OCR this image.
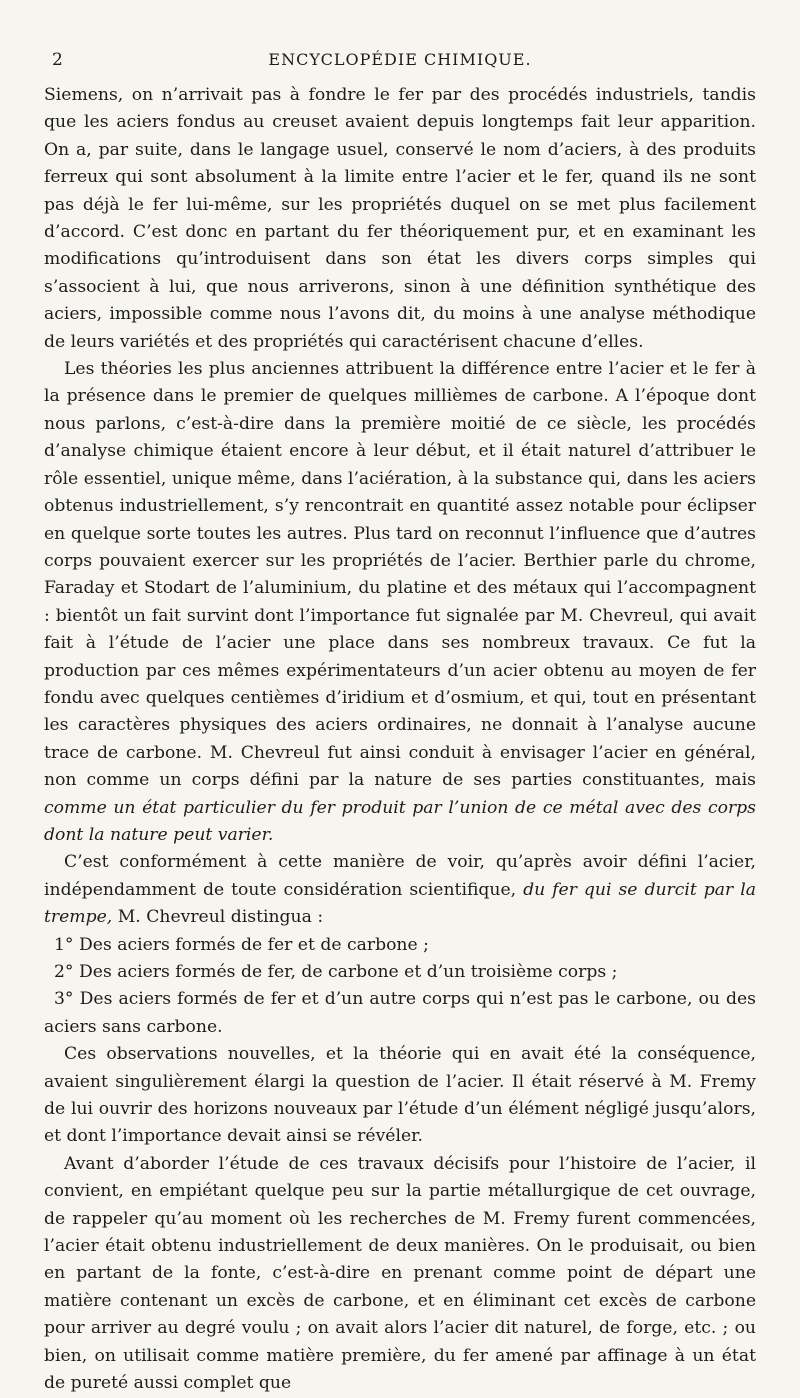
2	ENCYCLOPÉDIE CHIMIQUE.

Siemens, on n’arrivait pas à fondre le fer par des procédés industriels, tandis que les aciers fondus au creuset avaient depuis longtemps fait leur apparition. On a, par suite, dans le langage usuel, conservé le nom d’aciers, à des produits ferreux qui sont absolument à la limite entre l’acier et le fer, quand ils ne sont pas déjà le fer lui-même, sur les propriétés duquel on se met plus facilement d’accord. C’est donc en partant du fer théoriquement pur, et en examinant les modifications qu’introduisent dans son état les divers corps simples qui s’associent à lui, que nous arriverons, sinon à une définition synthétique des aciers, impossible comme nous l’avons dit, du moins à une analyse méthodique de leurs variétés et des propriétés qui caractérisent chacune d’elles.

Les théories les plus anciennes attribuent la différence entre l’acier et le fer à la présence dans le premier de quelques millièmes de carbone. A l’époque dont nous parlons, c’est-à-dire dans la première moitié de ce siècle, les procédés d’analyse chimique étaient encore à leur début, et il était naturel d’attribuer le rôle essentiel, unique même, dans l’aciération, à la substance qui, dans les aciers obtenus industriellement, s’y rencontrait en quantité assez notable pour éclipser en quelque sorte toutes les autres. Plus tard on reconnut l’influence que d’autres corps pouvaient exercer sur les propriétés de l’acier. Berthier parle du chrome, Faraday et Stodart de l’aluminium, du platine et des métaux qui l’accompagnent : bientôt un fait survint dont l’importance fut signalée par M. Chevreul, qui avait fait à l’étude de l’acier une place dans ses nombreux travaux. Ce fut la production par ces mêmes expérimentateurs d’un acier obtenu au moyen de fer fondu avec quelques centièmes d’iridium et d’osmium, et qui, tout en présentant les caractères physiques des aciers ordinaires, ne donnait à l’analyse aucune trace de carbone. M. Chevreul fut ainsi conduit à envisager l’acier en général, non comme un corps défini par la nature de ses parties constituantes, mais comme un état particulier du fer produit par l’union de ce métal avec des corps dont la nature peut varier.

C’est conformément à cette manière de voir, qu’après avoir défini l’acier, indépendamment de toute considération scientifique, du fer qui se durcit par la trempe, M. Chevreul distingua :

1° Des aciers formés de fer et de carbone ;

2° Des aciers formés de fer, de carbone et d’un troisième corps ;

3° Des aciers formés de fer et d’un autre corps qui n’est pas le carbone, ou des aciers sans carbone.

Ces observations nouvelles, et la théorie qui en avait été la conséquence, avaient singulièrement élargi la question de l’acier. Il était réservé à M. Fremy de lui ouvrir des horizons nouveaux par l’étude d’un élément négligé jusqu’alors, et dont l’importance devait ainsi se révéler.

Avant d’aborder l’étude de ces travaux décisifs pour l’histoire de l’acier, il convient, en empiétant quelque peu sur la partie métallurgique de cet ouvrage, de rappeler qu’au moment où les recherches de M. Fremy furent commencées, l’acier était obtenu industriellement de deux manières. On le produisait, ou bien en partant de la fonte, c’est-à-dire en prenant comme point de départ une matière contenant un excès de carbone, et en éliminant cet excès de carbone pour arriver au degré voulu ; on avait alors l’acier dit naturel, de forge, etc. ; ou bien, on utilisait comme matière première, du fer amené par affinage à un état de pureté aussi complet que
